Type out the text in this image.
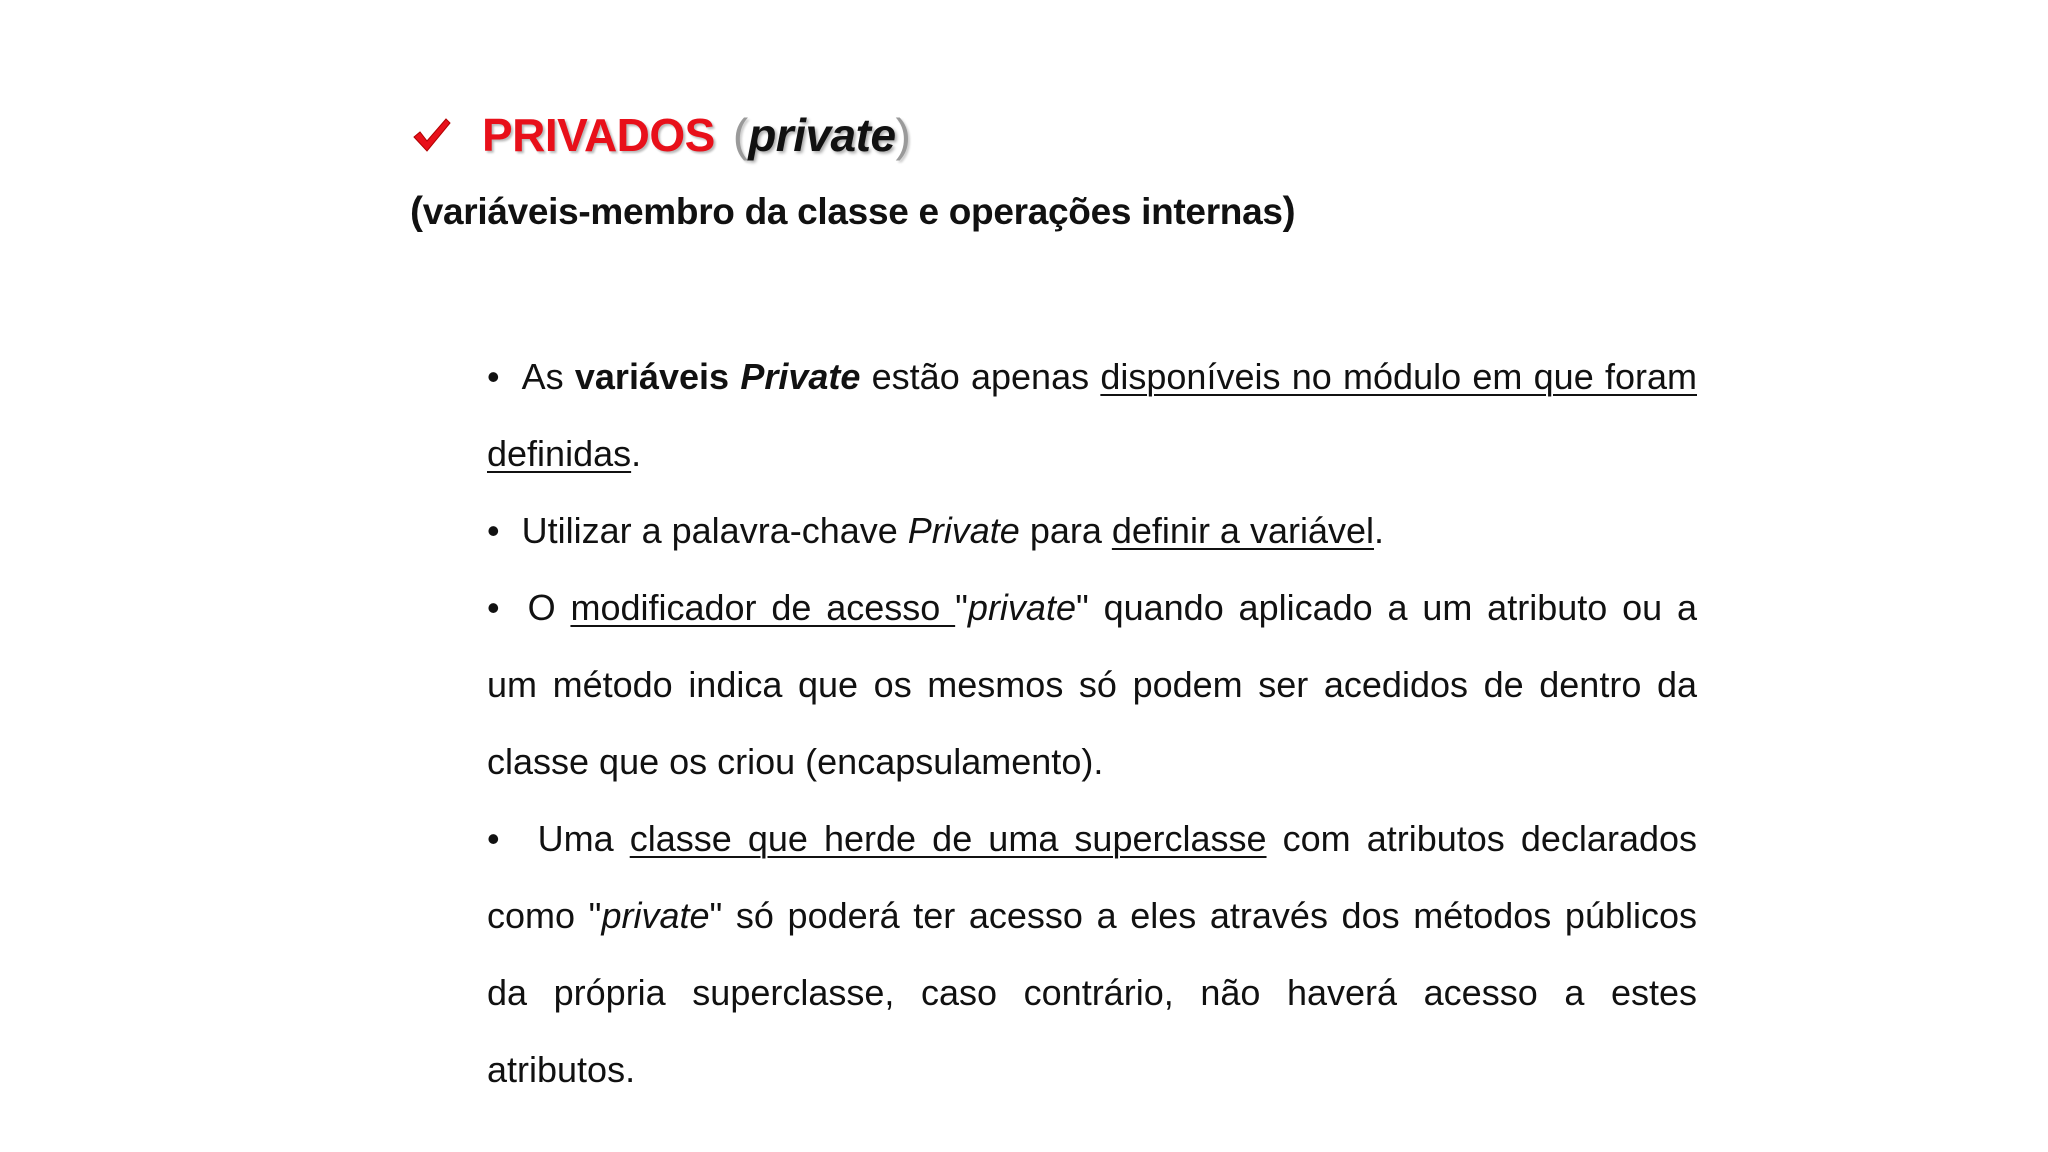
PRIVADOS ( private )
(variáveis-membro da classe e operações internas)

• As variáveis Private estão apenas disponíveis no módulo em que foram definidas.

• Utilizar a palavra-chave Private para definir a variável.

• O modificador de acesso "private" quando aplicado a um atributo ou a um método indica que os mesmos só podem ser acedidos de dentro da classe que os criou (encapsulamento).

• Uma classe que herde de uma superclasse com atributos declarados como "private" só poderá ter acesso a eles através dos métodos públicos da própria superclasse, caso contrário, não haverá acesso a estes atributos.
